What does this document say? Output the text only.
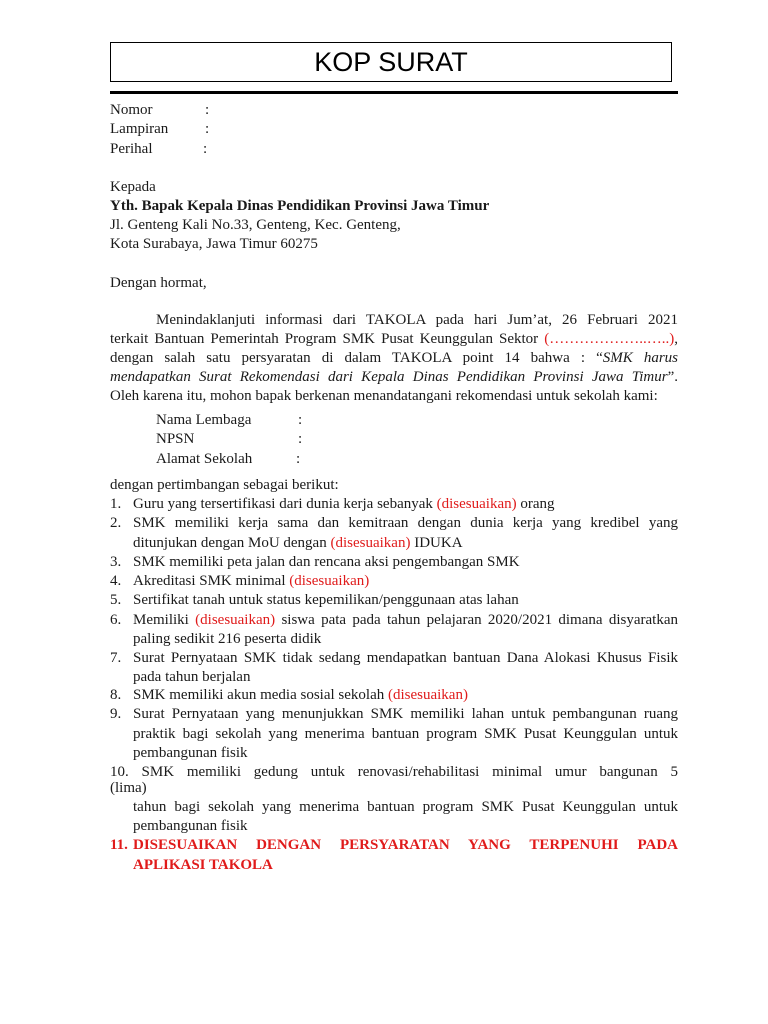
KOP SURAT
Nomor	:
Lampiran :
Perihal	:
Kepada
Yth. Bapak Kepala Dinas Pendidikan Provinsi Jawa Timur
Jl. Genteng Kali No.33, Genteng, Kec. Genteng,
Kota Surabaya, Jawa Timur 60275
Dengan hormat,
Menindaklanjuti informasi dari TAKOLA pada hari Jum’at, 26 Februari 2021
terkait Bantuan Pemerintah Program SMK Pusat Keunggulan Sektor (………………..…..),
dengan salah satu persyaratan di dalam TAKOLA point 14 bahwa : “SMK harus
mendapatkan Surat Rekomendasi dari Kepala Dinas Pendidikan Provinsi Jawa Timur”.
Oleh karena itu, mohon bapak berkenan menandatangani rekomendasi untuk sekolah kami:
Nama Lembaga	:
NPSN	:
Alamat Sekolah	:
dengan pertimbangan sebagai berikut:
1. Guru yang tersertifikasi dari dunia kerja sebanyak (disesuaikan) orang
2. SMK memiliki kerja sama dan kemitraan dengan dunia kerja yang kredibel yang
ditunjukan dengan MoU dengan (disesuaikan) IDUKA
3. SMK memiliki peta jalan dan rencana aksi pengembangan SMK
4. Akreditasi SMK minimal (disesuaikan)
5. Sertifikat tanah untuk status kepemilikan/penggunaan atas lahan
6. Memiliki (disesuaikan) siswa pata pada tahun pelajaran 2020/2021 dimana disyaratkan
paling sedikit 216 peserta didik
7. Surat Pernyataan SMK tidak sedang mendapatkan bantuan Dana Alokasi Khusus Fisik
pada tahun berjalan
8. SMK memiliki akun media sosial sekolah (disesuaikan)
9. Surat Pernyataan yang menunjukkan SMK memiliki lahan untuk pembangunan ruang
praktik bagi sekolah yang menerima bantuan program SMK Pusat Keunggulan untuk
pembangunan fisik
10. SMK memiliki gedung untuk renovasi/rehabilitasi minimal umur bangunan 5
(lima)
tahun bagi sekolah yang menerima bantuan program SMK Pusat Keunggulan untuk
pembangunan fisik
11. DISESUAIKAN DENGAN PERSYARATAN YANG TERPENUHI PADA
APLIKASI TAKOLA
